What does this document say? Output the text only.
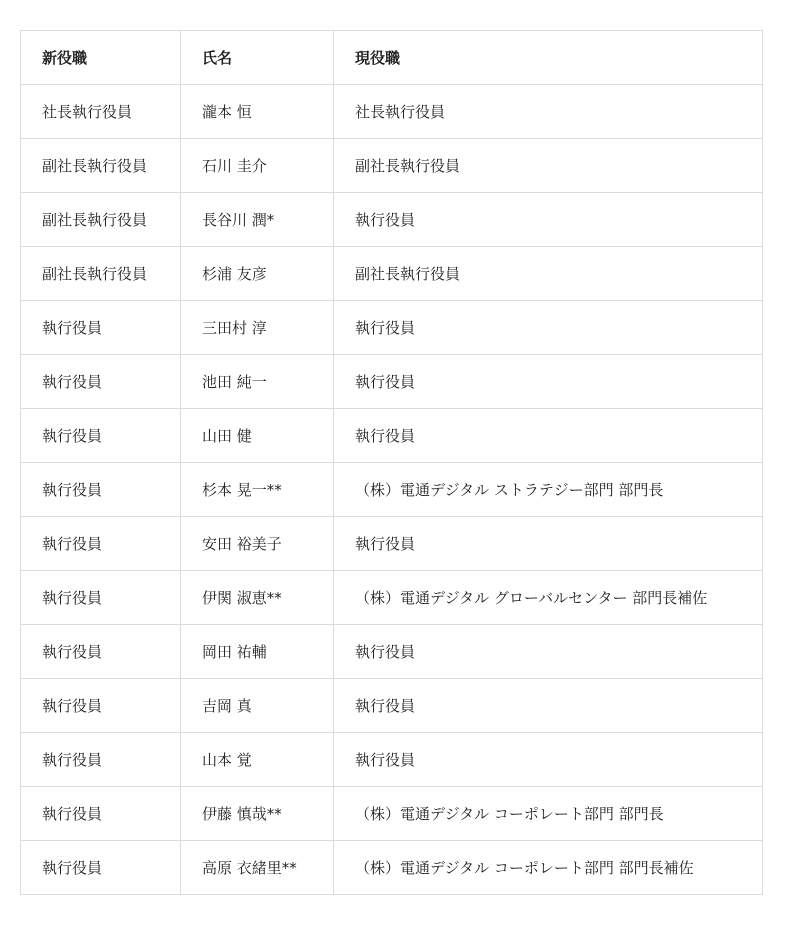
新役職	氏名	現役職
社長執行役員	瀧本 恒	社長執行役員
副社長執行役員	石川 圭介	副社長執行役員
副社長執行役員	長谷川 潤*	執行役員
副社長執行役員	杉浦 友彦	副社長執行役員
執行役員	三田村 淳	執行役員
執行役員	池田 純一	執行役員
執行役員	山田 健	執行役員
執行役員	杉本 晃一**	（株）電通デジタル ストラテジー部門 部門長
執行役員	安田 裕美子	執行役員
執行役員	伊関 淑恵**	（株）電通デジタル グローバルセンター 部門長補佐
執行役員	岡田 祐輔	執行役員
執行役員	吉岡 真	執行役員
執行役員	山本 覚	執行役員
執行役員	伊藤 慎哉**	（株）電通デジタル コーポレート部門 部門長
執行役員	高原 衣緒里**	（株）電通デジタル コーポレート部門 部門長補佐
